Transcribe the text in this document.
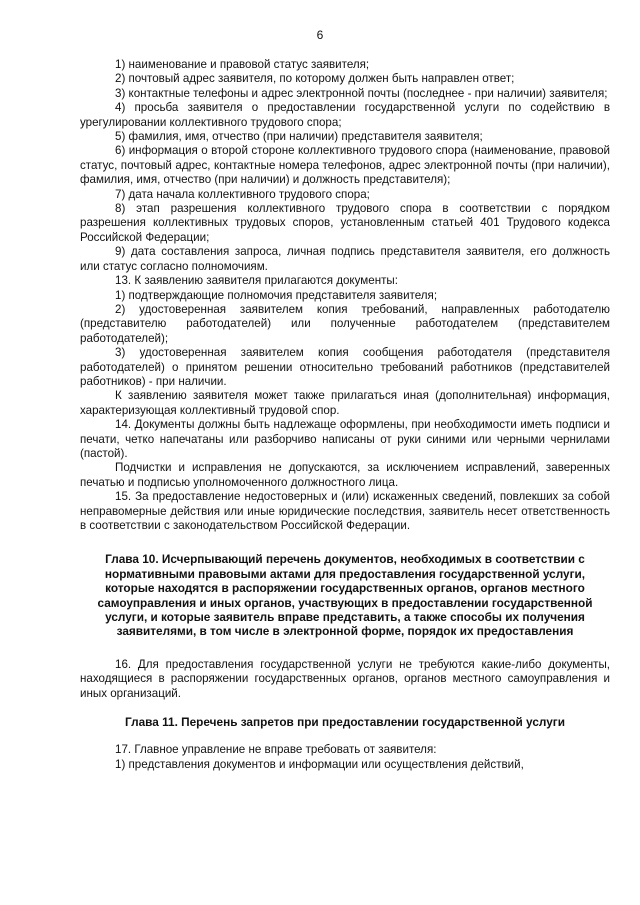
6

1) наименование и правовой статус заявителя;

2) почтовый адрес заявителя, по которому должен быть направлен ответ;

3) контактные телефоны и адрес электронной почты (последнее - при наличии) заявителя;

4) просьба заявителя о предоставлении государственной услуги по содействию в урегулировании коллективного трудового спора;

5) фамилия, имя, отчество (при наличии) представителя заявителя;

6) информация о второй стороне коллективного трудового спора (наименование, правовой статус, почтовый адрес, контактные номера телефонов, адрес электронной почты (при наличии), фамилия, имя, отчество (при наличии) и должность представителя);

7) дата начала коллективного трудового спора;

8) этап разрешения коллективного трудового спора в соответствии с порядком разрешения коллективных трудовых споров, установленным статьей 401 Трудового кодекса Российской Федерации;

9) дата составления запроса, личная подпись представителя заявителя, его должность или статус согласно полномочиям.

13. К заявлению заявителя прилагаются документы:

1) подтверждающие полномочия представителя заявителя;

2) удостоверенная заявителем копия требований, направленных работодателю (представителю работодателей) или полученные работодателем (представителем работодателей);

3) удостоверенная заявителем копия сообщения работодателя (представителя работодателей) о принятом решении относительно требований работников (представителей работников) - при наличии.

К заявлению заявителя может также прилагаться иная (дополнительная) информация, характеризующая коллективный трудовой спор.

14. Документы должны быть надлежаще оформлены, при необходимости иметь подписи и печати, четко напечатаны или разборчиво написаны от руки синими или черными чернилами (пастой).

Подчистки и исправления не допускаются, за исключением исправлений, заверенных печатью и подписью уполномоченного должностного лица.

15. За предоставление недостоверных и (или) искаженных сведений, повлекших за собой неправомерные действия или иные юридические последствия, заявитель несет ответственность в соответствии с законодательством Российской Федерации.

Глава 10. Исчерпывающий перечень документов, необходимых в соответствии с нормативными правовыми актами для предоставления государственной услуги, которые находятся в распоряжении государственных органов, органов местного самоуправления и иных органов, участвующих в предоставлении государственной услуги, и которые заявитель вправе представить, а также способы их получения заявителями, в том числе в электронной форме, порядок их предоставления

16. Для предоставления государственной услуги не требуются какие-либо документы, находящиеся в распоряжении государственных органов, органов местного самоуправления и иных организаций.

Глава 11. Перечень запретов при предоставлении государственной услуги

17. Главное управление не вправе требовать от заявителя:

1) представления документов и информации или осуществления действий,
